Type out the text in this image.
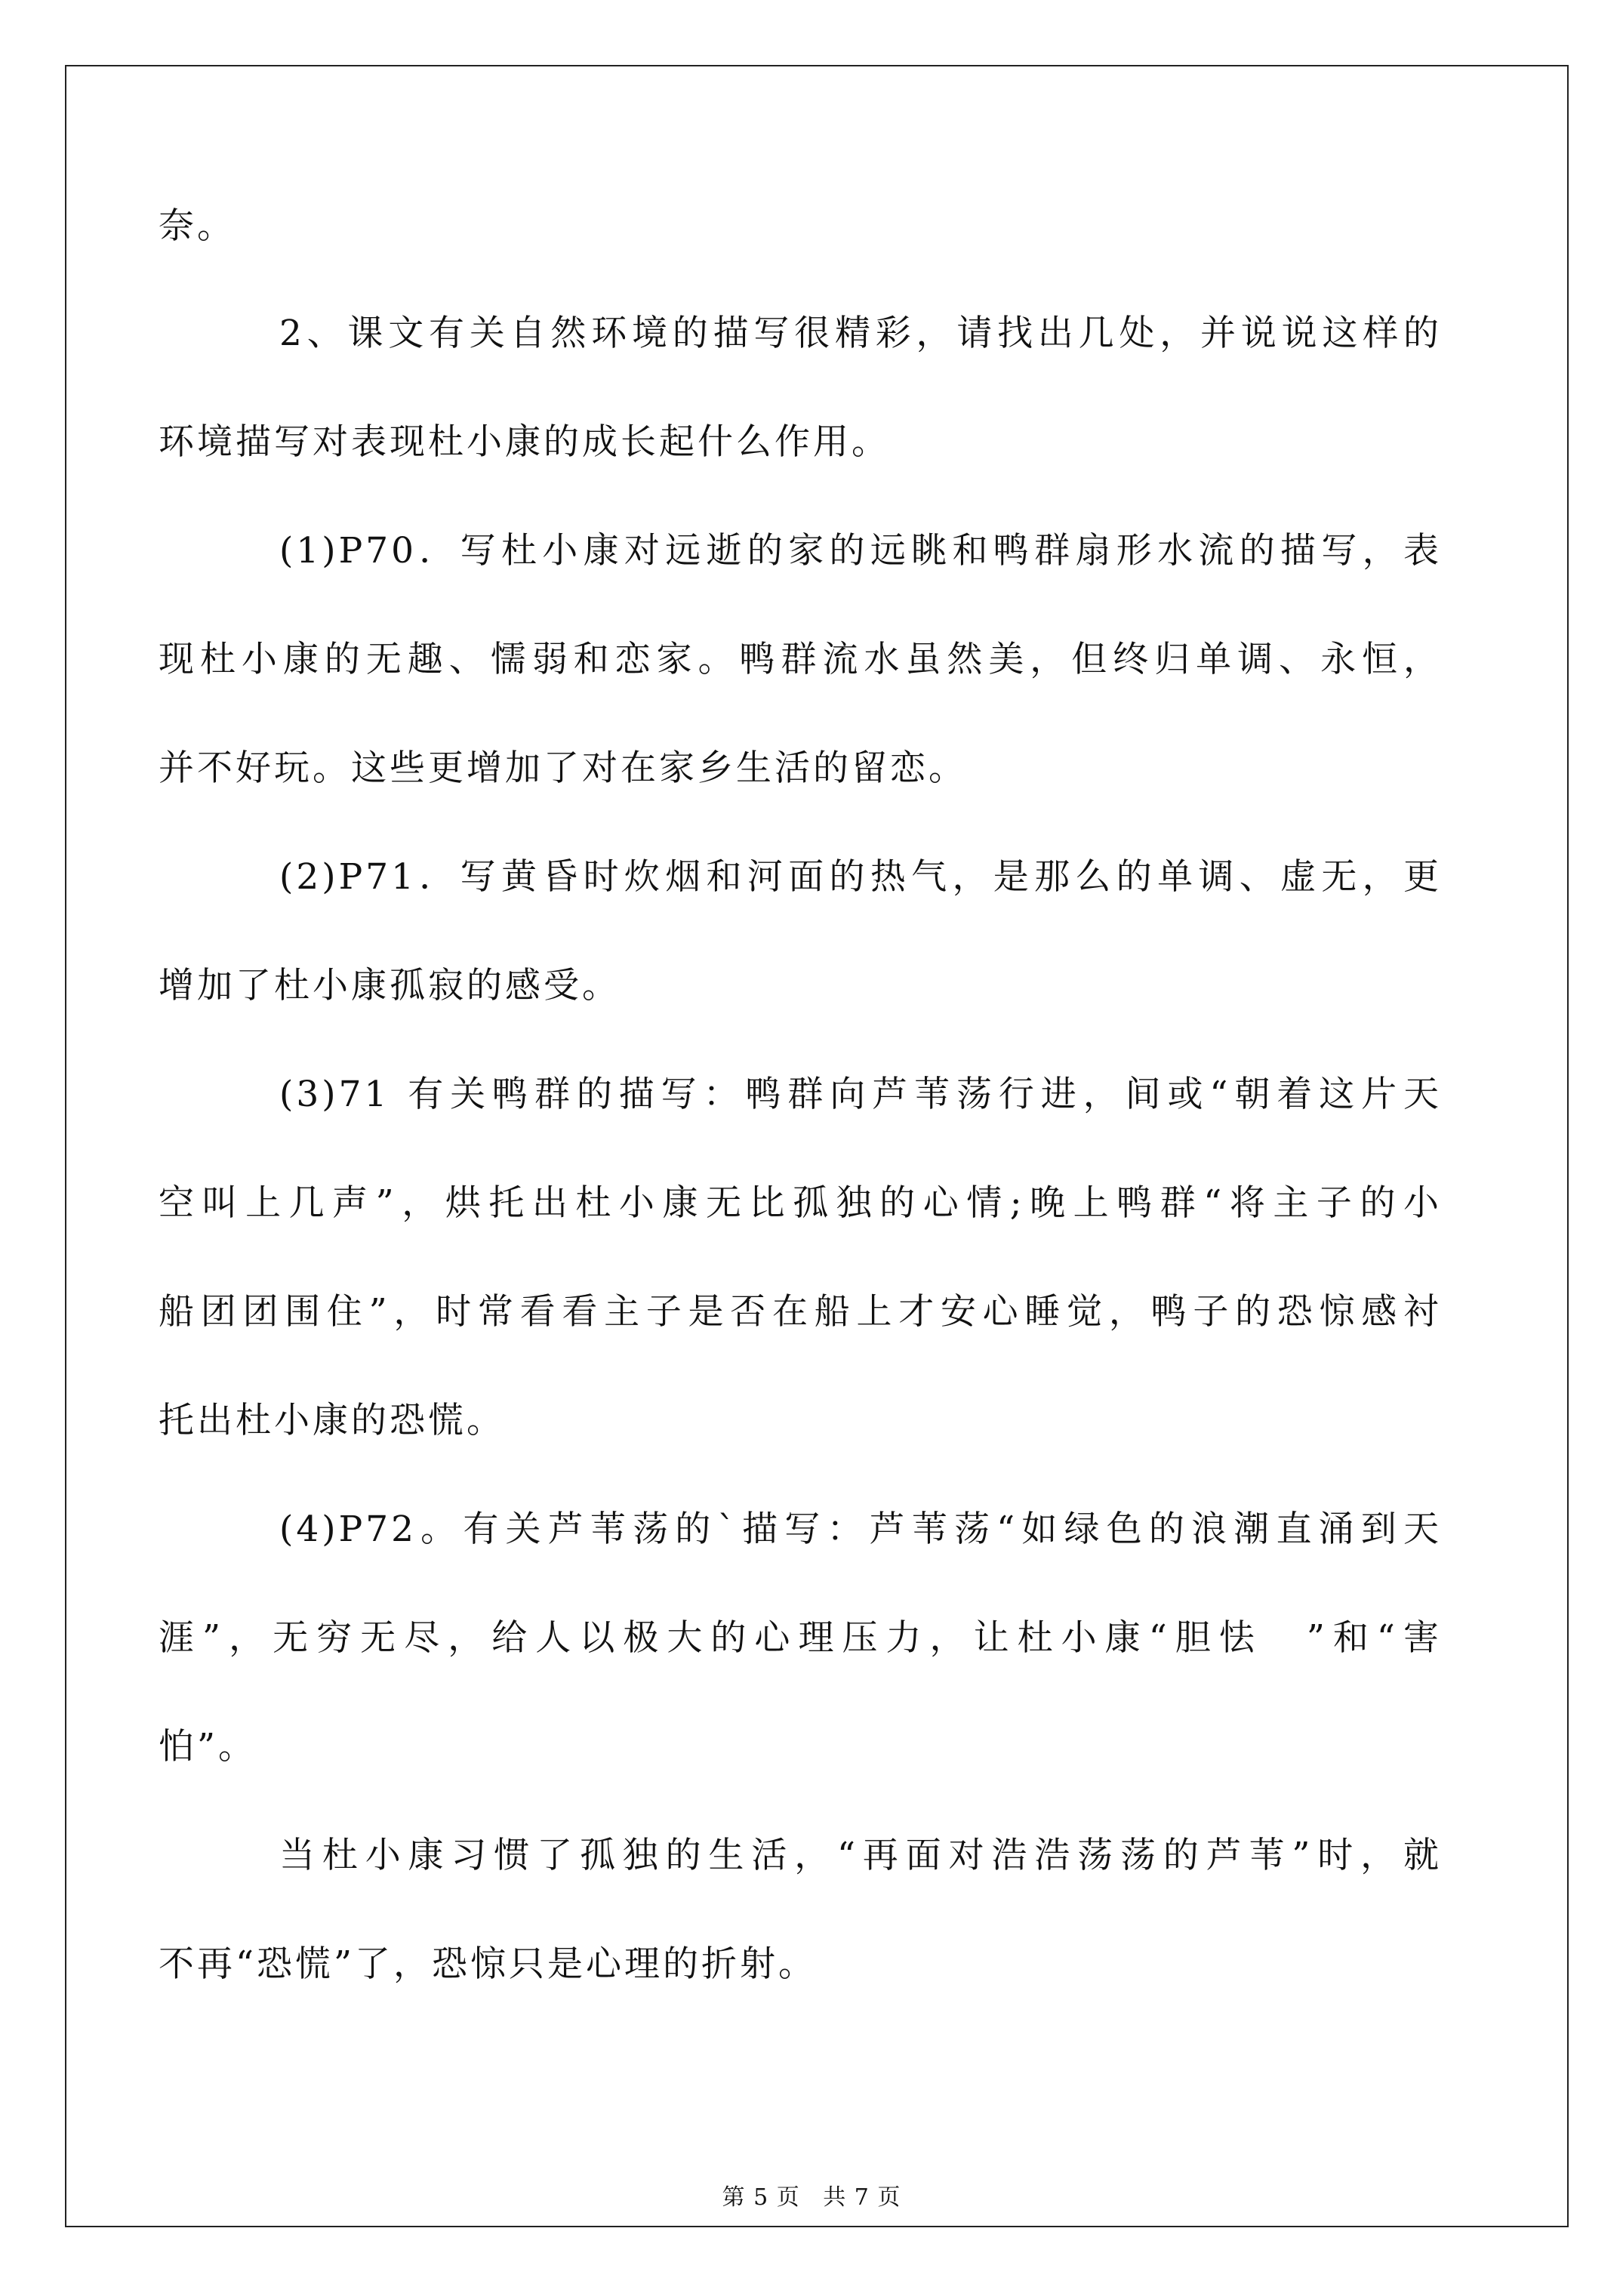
奈。
2、课文有关自然环境的描写很精彩，请找出几处，并说说这样的
环境描写对表现杜小康的成长起什么作用。
(1)P70．写杜小康对远逝的家的远眺和鸭群扇形水流的描写，表
现杜小康的无趣、懦弱和恋家。鸭群流水虽然美，但终归单调、永恒，
并不好玩。这些更增加了对在家乡生活的留恋。
(2)P71．写黄昏时炊烟和河面的热气，是那么的单调、虚无，更
增加了杜小康孤寂的感受。
(3)71 有关鸭群的描写：鸭群向芦苇荡行进，间或“朝着这片天
空叫上几声”，烘托出杜小康无比孤独的心情;晚上鸭群“将主子的小
船团团围住”，时常看看主子是否在船上才安心睡觉，鸭子的恐惊感衬
托出杜小康的恐慌。
(4)P72。有关芦苇荡的`描写：芦苇荡“如绿色的浪潮直涌到天
涯”，无穷无尽，给人以极大的心理压力，让杜小康“胆怯　”和“害
怕”。
当杜小康习惯了孤独的生活，“再面对浩浩荡荡的芦苇”时，就
不再“恐慌”了，恐惊只是心理的折射。
第 5 页 共 7 页
